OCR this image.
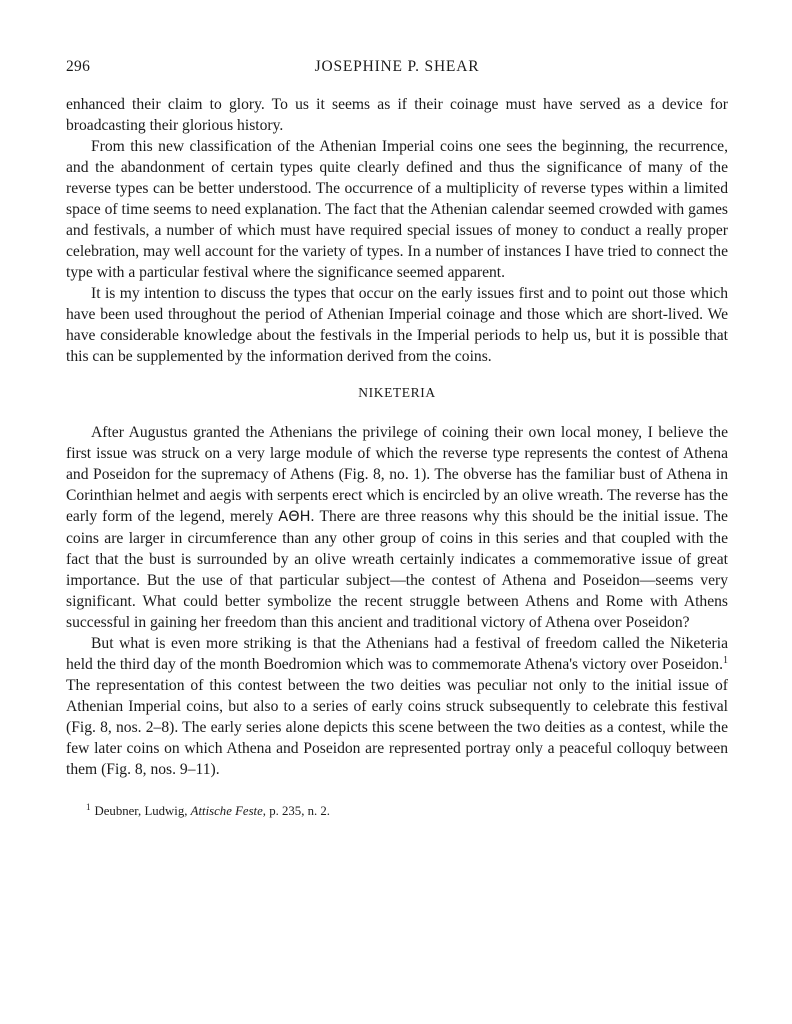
296	JOSEPHINE P. SHEAR

enhanced their claim to glory. To us it seems as if their coinage must have served as a device for broadcasting their glorious history.

From this new classification of the Athenian Imperial coins one sees the beginning, the recurrence, and the abandonment of certain types quite clearly defined and thus the significance of many of the reverse types can be better understood. The occurrence of a multiplicity of reverse types within a limited space of time seems to need explanation. The fact that the Athenian calendar seemed crowded with games and festivals, a number of which must have required special issues of money to conduct a really proper celebration, may well account for the variety of types. In a number of instances I have tried to connect the type with a particular festival where the significance seemed apparent.

It is my intention to discuss the types that occur on the early issues first and to point out those which have been used throughout the period of Athenian Imperial coinage and those which are short-lived. We have considerable knowledge about the festivals in the Imperial periods to help us, but it is possible that this can be supplemented by the information derived from the coins.

NIKETERIA

After Augustus granted the Athenians the privilege of coining their own local money, I believe the first issue was struck on a very large module of which the reverse type represents the contest of Athena and Poseidon for the supremacy of Athens (Fig. 8, no. 1). The obverse has the familiar bust of Athena in Corinthian helmet and aegis with serpents erect which is encircled by an olive wreath. The reverse has the early form of the legend, merely ΑΘΗ. There are three reasons why this should be the initial issue. The coins are larger in circumference than any other group of coins in this series and that coupled with the fact that the bust is surrounded by an olive wreath certainly indicates a commemorative issue of great importance. But the use of that particular subject—the contest of Athena and Poseidon—seems very significant. What could better symbolize the recent struggle between Athens and Rome with Athens successful in gaining her freedom than this ancient and traditional victory of Athena over Poseidon?

But what is even more striking is that the Athenians had a festival of freedom called the Niketeria held the third day of the month Boedromion which was to commemorate Athena's victory over Poseidon.$^1$ The representation of this contest between the two deities was peculiar not only to the initial issue of Athenian Imperial coins, but also to a series of early coins struck subsequently to celebrate this festival (Fig. 8, nos. 2–8). The early series alone depicts this scene between the two deities as a contest, while the few later coins on which Athena and Poseidon are represented portray only a peaceful colloquy between them (Fig. 8, nos. 9–11).

$^1$ Deubner, Ludwig, Attische Feste, p. 235, n. 2.
